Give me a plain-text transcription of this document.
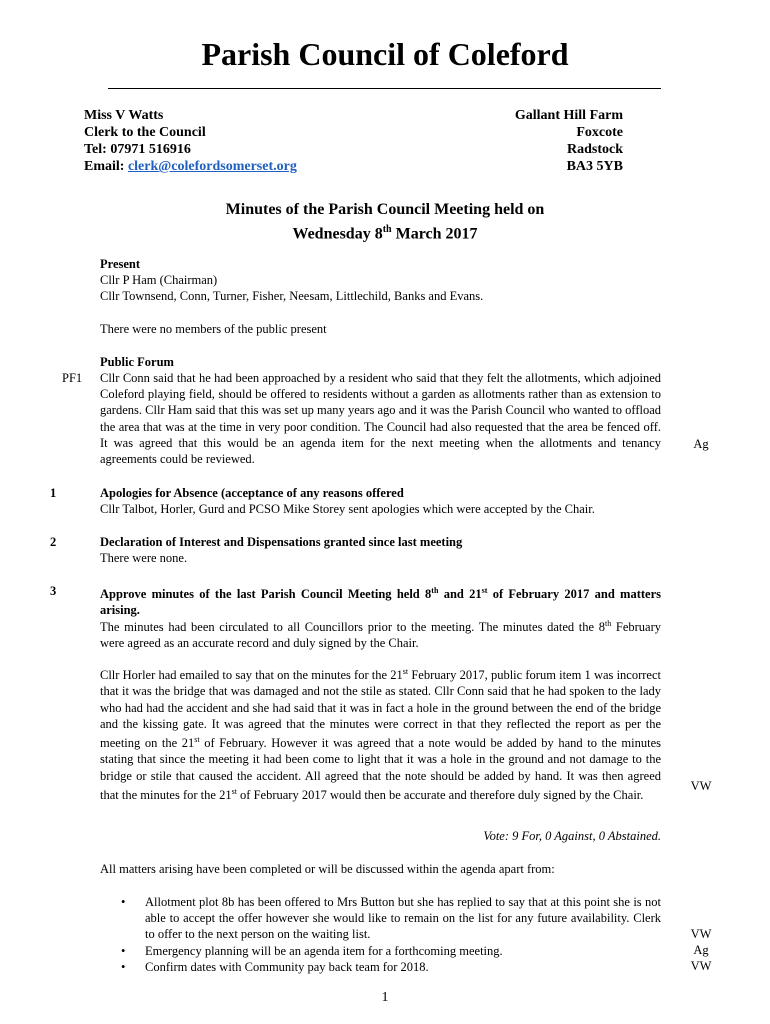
Parish Council of Coleford
Miss V Watts
Clerk to the Council
Tel: 07971 516916
Email: clerk@colefordsomerset.org
Gallant Hill Farm
Foxcote
Radstock
BA3 5YB
Minutes of the Parish Council Meeting held on
Wednesday 8th March 2017
Present
Cllr P Ham (Chairman)
Cllr Townsend, Conn, Turner, Fisher, Neesam, Littlechild, Banks and Evans.
There were no members of the public present
Public Forum
PF1 Cllr Conn said that he had been approached by a resident who said that they felt the allotments, which adjoined Coleford playing field, should be offered to residents without a garden as allotments rather than as extension to gardens. Cllr Ham said that this was set up many years ago and it was the Parish Council who wanted to offload the area that was at the time in very poor condition. The Council had also requested that the area be fenced off. It was agreed that this would be an agenda item for the next meeting when the allotments and tenancy agreements could be reviewed.
Ag
1	Apologies for Absence (acceptance of any reasons offered
Cllr Talbot, Horler, Gurd and PCSO Mike Storey sent apologies which were accepted by the Chair.
2	Declaration of Interest and Dispensations granted since last meeting
There were none.
3	Approve minutes of the last Parish Council Meeting held 8th and 21st of February 2017 and matters arising.
The minutes had been circulated to all Councillors prior to the meeting. The minutes dated the 8th February were agreed as an accurate record and duly signed by the Chair.
Cllr Horler had emailed to say that on the minutes for the 21st February 2017, public forum item 1 was incorrect that it was the bridge that was damaged and not the stile as stated. Cllr Conn said that he had spoken to the lady who had had the accident and she had said that it was in fact a hole in the ground between the end of the bridge and the kissing gate. It was agreed that the minutes were correct in that they reflected the report as per the meeting on the 21st of February. However it was agreed that a note would be added by hand to the minutes stating that since the meeting it had been come to light that it was a hole in the ground and not damage to the bridge or stile that caused the accident. All agreed that the note should be added by hand. It was then agreed that the minutes for the 21st of February 2017 would then be accurate and therefore duly signed by the Chair.
VW
Vote: 9 For, 0 Against, 0 Abstained.
All matters arising have been completed or will be discussed within the agenda apart from:
• Allotment plot 8b has been offered to Mrs Button but she has replied to say that at this point she is not able to accept the offer however she would like to remain on the list for any future availability. Clerk to offer to the next person on the waiting list.
• Emergency planning will be an agenda item for a forthcoming meeting.
• Confirm dates with Community pay back team for 2018.
VW
Ag
VW
1
